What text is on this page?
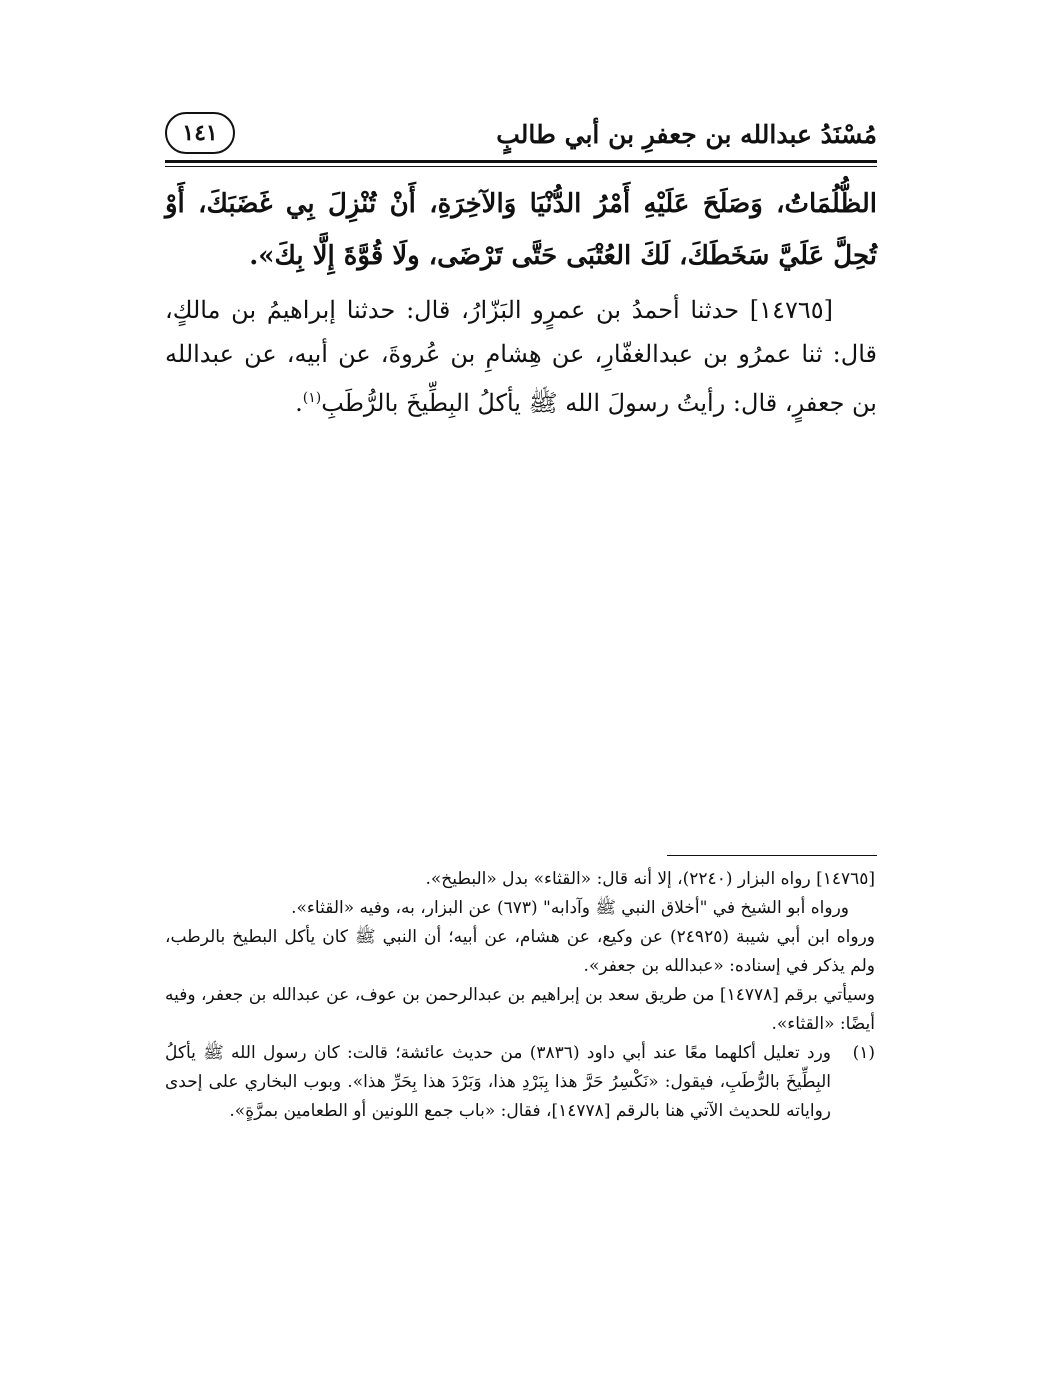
مُسْنَدُ عبدالله بن جعفرِ بن أبي طالبٍ
١٤١

الظُّلُمَاتُ، وَصَلَحَ عَلَيْهِ أَمْرُ الدُّنْيَا وَالآخِرَةِ، أَنْ تُنْزِلَ بِي غَضَبَكَ، أَوْ تُحِلَّ عَلَيَّ سَخَطَكَ، لَكَ العُتْبَى حَتَّى تَرْضَى، ولَا قُوَّةَ إِلَّا بِكَ».

[١٤٧٦٥] حدثنا أحمدُ بن عمرٍو البَزّارُ، قال: حدثنا إبراهيمُ بن مالكٍ، قال: ثنا عمرُو بن عبدالغفّارِ، عن هِشامِ بن عُروةَ، عن أبيه، عن عبدالله بن جعفرٍ، قال: رأيتُ رسولَ الله ﷺ يأكلُ البِطِّيخَ بالرُّطَبِ$^{(١)}$.

[١٤٧٦٥] رواه البزار (٢٢٤٠)، إلا أنه قال: «القثاء» بدل «البطيخ».

ورواه أبو الشيخ في "أخلاق النبي ﷺ وآدابه" (٦٧٣) عن البزار، به، وفيه «القثاء».

ورواه ابن أبي شيبة (٢٤٩٢٥) عن وكيع، عن هشام، عن أبيه؛ أن النبي ﷺ كان يأكل البطيخ بالرطب، ولم يذكر في إسناده: «عبدالله بن جعفر».

وسيأتي برقم [١٤٧٧٨] من طريق سعد بن إبراهيم بن عبدالرحمن بن عوف، عن عبدالله بن جعفر، وفيه أيضًا: «القثاء».

(١)
ورد تعليل أكلهما معًا عند أبي داود (٣٨٣٦) من حديث عائشة؛ قالت: كان رسول الله ﷺ يأكلُ البِطِّيخَ بالرُّطَبِ، فيقول: «نَكْسِرُ حَرَّ هذا بِبَرْدِ هذا، وَبَرْدَ هذا بِحَرِّ هذا». وبوب البخاري على إحدى رواياته للحديث الآتي هنا بالرقم [١٤٧٧٨]، فقال: «باب جمع اللونين أو الطعامين بمرَّةٍ».
